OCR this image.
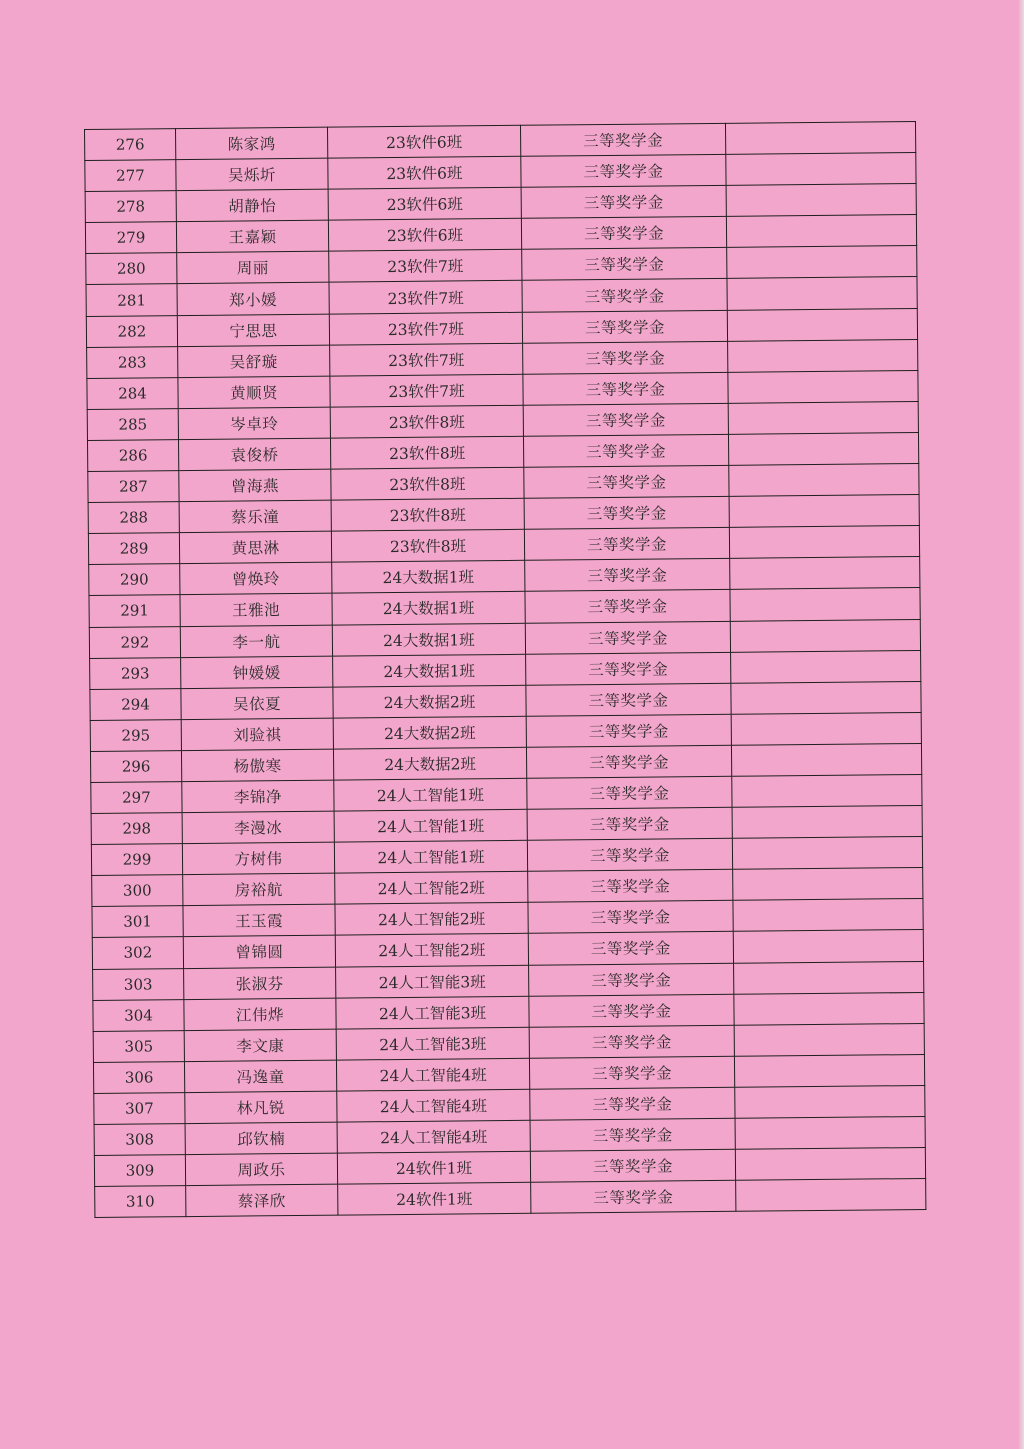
276	陈家鸿	23软件6班	三等奖学金	
277	吴烁圻	23软件6班	三等奖学金	
278	胡静怡	23软件6班	三等奖学金	
279	王嘉颖	23软件6班	三等奖学金	
280	周丽	23软件7班	三等奖学金	
281	郑小媛	23软件7班	三等奖学金	
282	宁思思	23软件7班	三等奖学金	
283	吴舒璇	23软件7班	三等奖学金	
284	黄顺贤	23软件7班	三等奖学金	
285	岑卓玲	23软件8班	三等奖学金	
286	袁俊桥	23软件8班	三等奖学金	
287	曾海燕	23软件8班	三等奖学金	
288	蔡乐潼	23软件8班	三等奖学金	
289	黄思淋	23软件8班	三等奖学金	
290	曾焕玲	24大数据1班	三等奖学金	
291	王雅池	24大数据1班	三等奖学金	
292	李一航	24大数据1班	三等奖学金	
293	钟媛媛	24大数据1班	三等奖学金	
294	吴依夏	24大数据2班	三等奖学金	
295	刘验祺	24大数据2班	三等奖学金	
296	杨傲寒	24大数据2班	三等奖学金	
297	李锦净	24人工智能1班	三等奖学金	
298	李漫冰	24人工智能1班	三等奖学金	
299	方树伟	24人工智能1班	三等奖学金	
300	房裕航	24人工智能2班	三等奖学金	
301	王玉霞	24人工智能2班	三等奖学金	
302	曾锦圆	24人工智能2班	三等奖学金	
303	张淑芬	24人工智能3班	三等奖学金	
304	江伟烨	24人工智能3班	三等奖学金	
305	李文康	24人工智能3班	三等奖学金	
306	冯逸童	24人工智能4班	三等奖学金	
307	林凡锐	24人工智能4班	三等奖学金	
308	邱钦楠	24人工智能4班	三等奖学金	
309	周政乐	24软件1班	三等奖学金	
310	蔡泽欣	24软件1班	三等奖学金	
